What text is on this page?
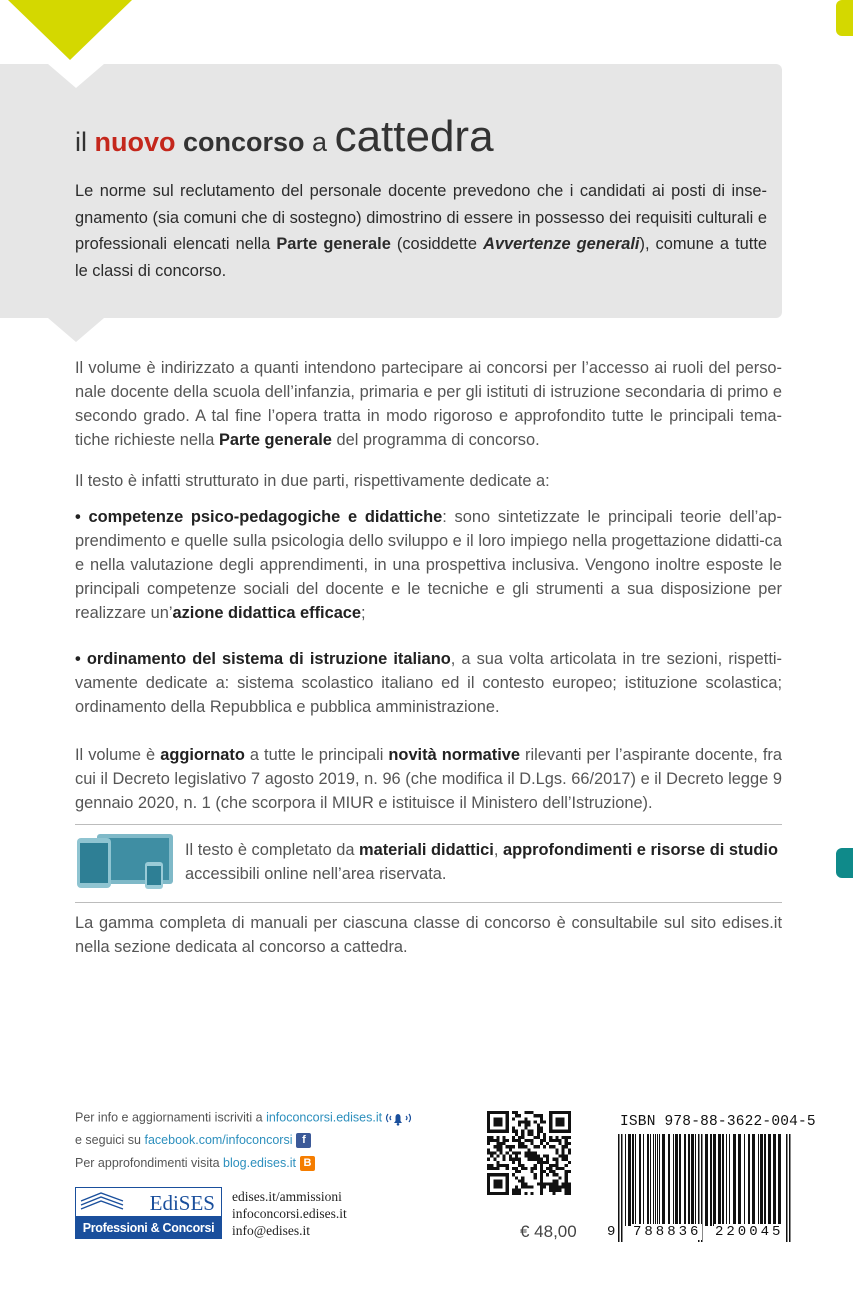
il nuovo concorso a cattedra
Le norme sul reclutamento del personale docente prevedono che i candidati ai posti di inse-gnamento (sia comuni che di sostegno) dimostrino di essere in possesso dei requisiti culturali e professionali elencati nella Parte generale (cosiddette Avvertenze generali), comune a tutte le classi di concorso.
Il volume è indirizzato a quanti intendono partecipare ai concorsi per l’accesso ai ruoli del perso-nale docente della scuola dell’infanzia, primaria e per gli istituti di istruzione secondaria di primo e secondo grado. A tal fine l’opera tratta in modo rigoroso e approfondito tutte le principali tema-tiche richieste nella Parte generale del programma di concorso.
Il testo è infatti strutturato in due parti, rispettivamente dedicate a:
• competenze psico-pedagogiche e didattiche: sono sintetizzate le principali teorie dell’ap-prendimento e quelle sulla psicologia dello sviluppo e il loro impiego nella progettazione didatti-ca e nella valutazione degli apprendimenti, in una prospettiva inclusiva. Vengono inoltre esposte le principali competenze sociali del docente e le tecniche e gli strumenti a sua disposizione per realizzare un’azione didattica efficace;
• ordinamento del sistema di istruzione italiano, a sua volta articolata in tre sezioni, rispetti-vamente dedicate a: sistema scolastico italiano ed il contesto europeo; istituzione scolastica; ordinamento della Repubblica e pubblica amministrazione.
Il volume è aggiornato a tutte le principali novità normative rilevanti per l’aspirante docente, fra cui il Decreto legislativo 7 agosto 2019, n. 96 (che modifica il D.Lgs. 66/2017) e il Decreto legge 9 gennaio 2020, n. 1 (che scorpora il MIUR e istituisce il Ministero dell’Istruzione).
Il testo è completato da materiali didattici, approfondimenti e risorse di studio accessibili online nell’area riservata.
La gamma completa di manuali per ciascuna classe di concorso è consultabile sul sito edises.it nella sezione dedicata al concorso a cattedra.
Per info e aggiornamenti iscriviti a infoconcorsi.edises.it
e seguici su facebook.com/infoconcorsi f
Per approfondimenti visita blog.edises.it B
EdiSES
Professioni & Concorsi
edises.it/ammissioni
infoconcorsi.edises.it
info@edises.it	€ 48,00
ISBN 978-88-3622-004-5
9 788836 220045
